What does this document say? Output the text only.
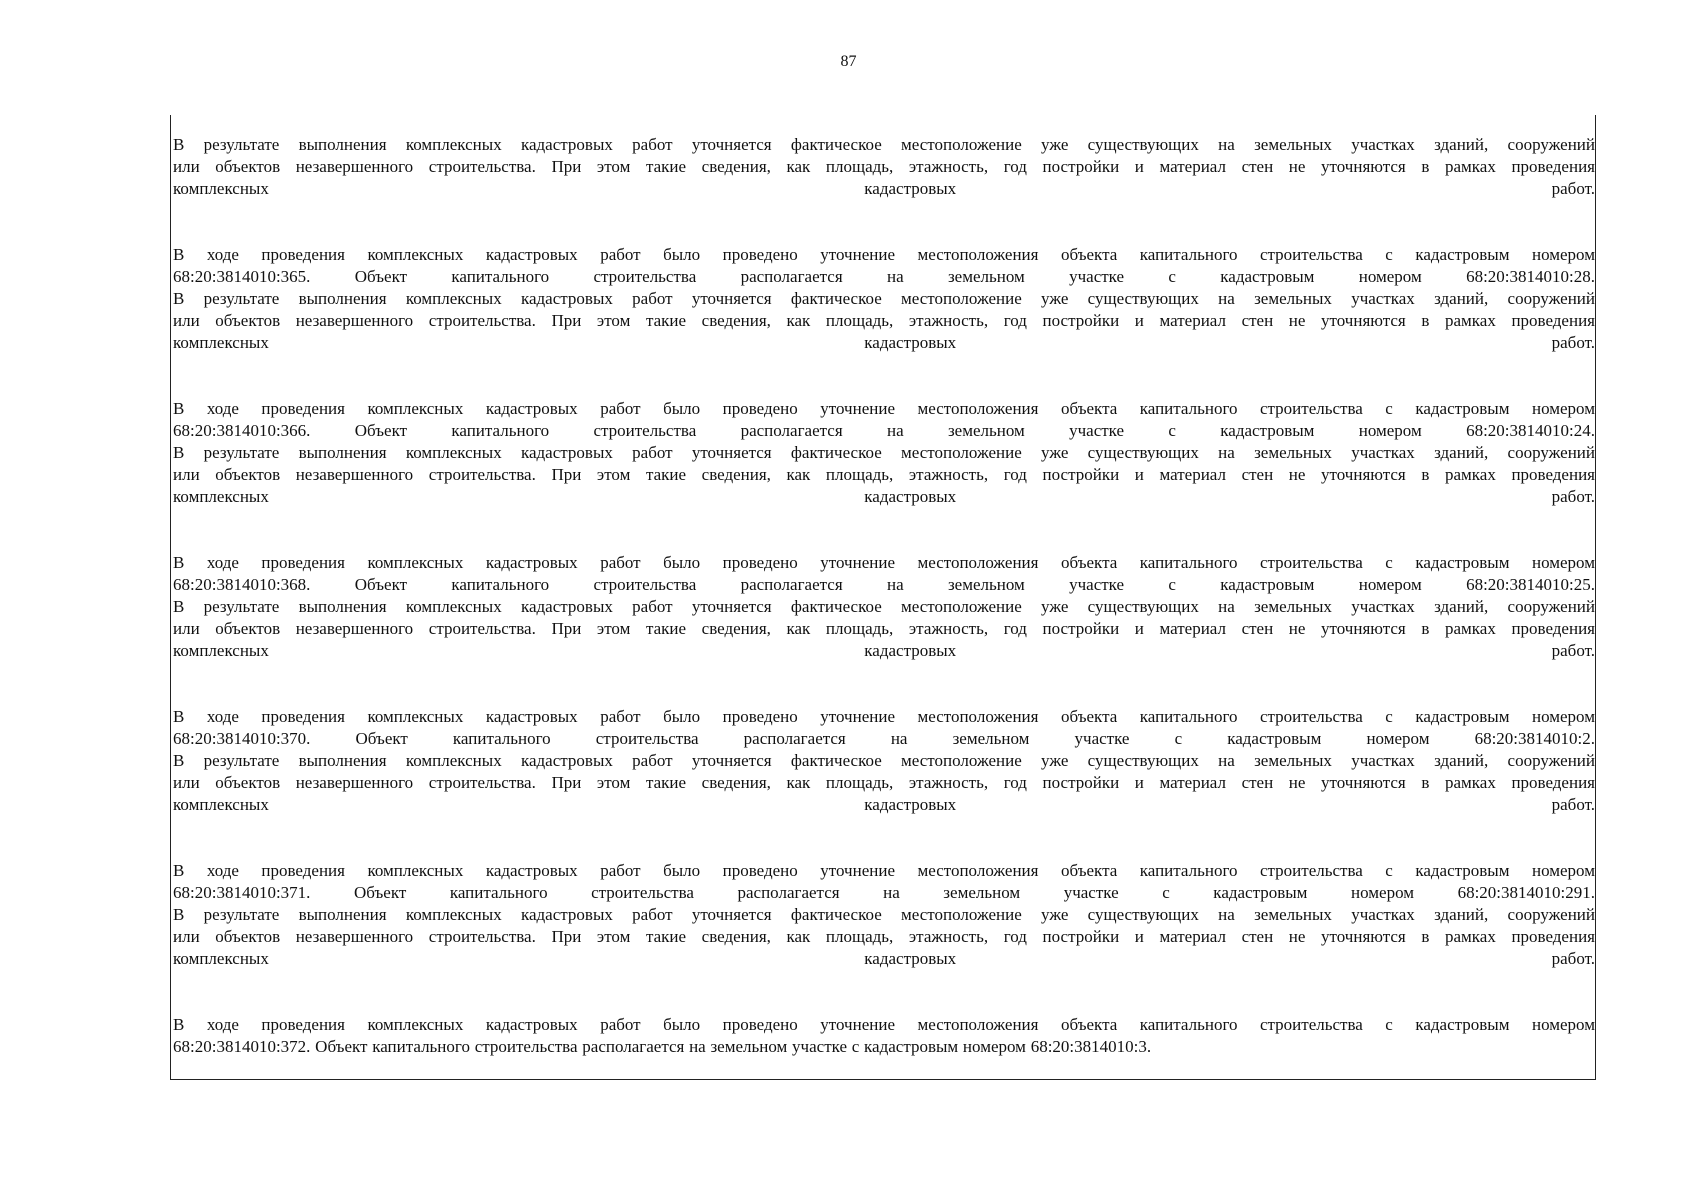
87
В результате выполнения комплексных кадастровых работ уточняется фактическое местоположение уже существующих на земельных участках зданий, сооружений
или объектов незавершенного строительства. При этом такие сведения, как площадь, этажность, год постройки и материал стен не уточняются в рамках проведения
комплексных кадастровых работ.
В ходе проведения комплексных кадастровых работ было проведено уточнение местоположения объекта капитального строительства с кадастровым номером
68:20:3814010:365. Объект капитального строительства располагается на земельном участке с кадастровым номером 68:20:3814010:28.
В результате выполнения комплексных кадастровых работ уточняется фактическое местоположение уже существующих на земельных участках зданий, сооружений
или объектов незавершенного строительства. При этом такие сведения, как площадь, этажность, год постройки и материал стен не уточняются в рамках проведения
комплексных кадастровых работ.
В ходе проведения комплексных кадастровых работ было проведено уточнение местоположения объекта капитального строительства с кадастровым номером
68:20:3814010:366. Объект капитального строительства располагается на земельном участке с кадастровым номером 68:20:3814010:24.
В результате выполнения комплексных кадастровых работ уточняется фактическое местоположение уже существующих на земельных участках зданий, сооружений
или объектов незавершенного строительства. При этом такие сведения, как площадь, этажность, год постройки и материал стен не уточняются в рамках проведения
комплексных кадастровых работ.
В ходе проведения комплексных кадастровых работ было проведено уточнение местоположения объекта капитального строительства с кадастровым номером
68:20:3814010:368. Объект капитального строительства располагается на земельном участке с кадастровым номером 68:20:3814010:25.
В результате выполнения комплексных кадастровых работ уточняется фактическое местоположение уже существующих на земельных участках зданий, сооружений
или объектов незавершенного строительства. При этом такие сведения, как площадь, этажность, год постройки и материал стен не уточняются в рамках проведения
комплексных кадастровых работ.
В ходе проведения комплексных кадастровых работ было проведено уточнение местоположения объекта капитального строительства с кадастровым номером
68:20:3814010:370. Объект капитального строительства располагается на земельном участке с кадастровым номером 68:20:3814010:2.
В результате выполнения комплексных кадастровых работ уточняется фактическое местоположение уже существующих на земельных участках зданий, сооружений
или объектов незавершенного строительства. При этом такие сведения, как площадь, этажность, год постройки и материал стен не уточняются в рамках проведения
комплексных кадастровых работ.
В ходе проведения комплексных кадастровых работ было проведено уточнение местоположения объекта капитального строительства с кадастровым номером
68:20:3814010:371. Объект капитального строительства располагается на земельном участке с кадастровым номером 68:20:3814010:291.
В результате выполнения комплексных кадастровых работ уточняется фактическое местоположение уже существующих на земельных участках зданий, сооружений
или объектов незавершенного строительства. При этом такие сведения, как площадь, этажность, год постройки и материал стен не уточняются в рамках проведения
комплексных кадастровых работ.
В ходе проведения комплексных кадастровых работ было проведено уточнение местоположения объекта капитального строительства с кадастровым номером
68:20:3814010:372. Объект капитального строительства располагается на земельном участке с кадастровым номером 68:20:3814010:3.
